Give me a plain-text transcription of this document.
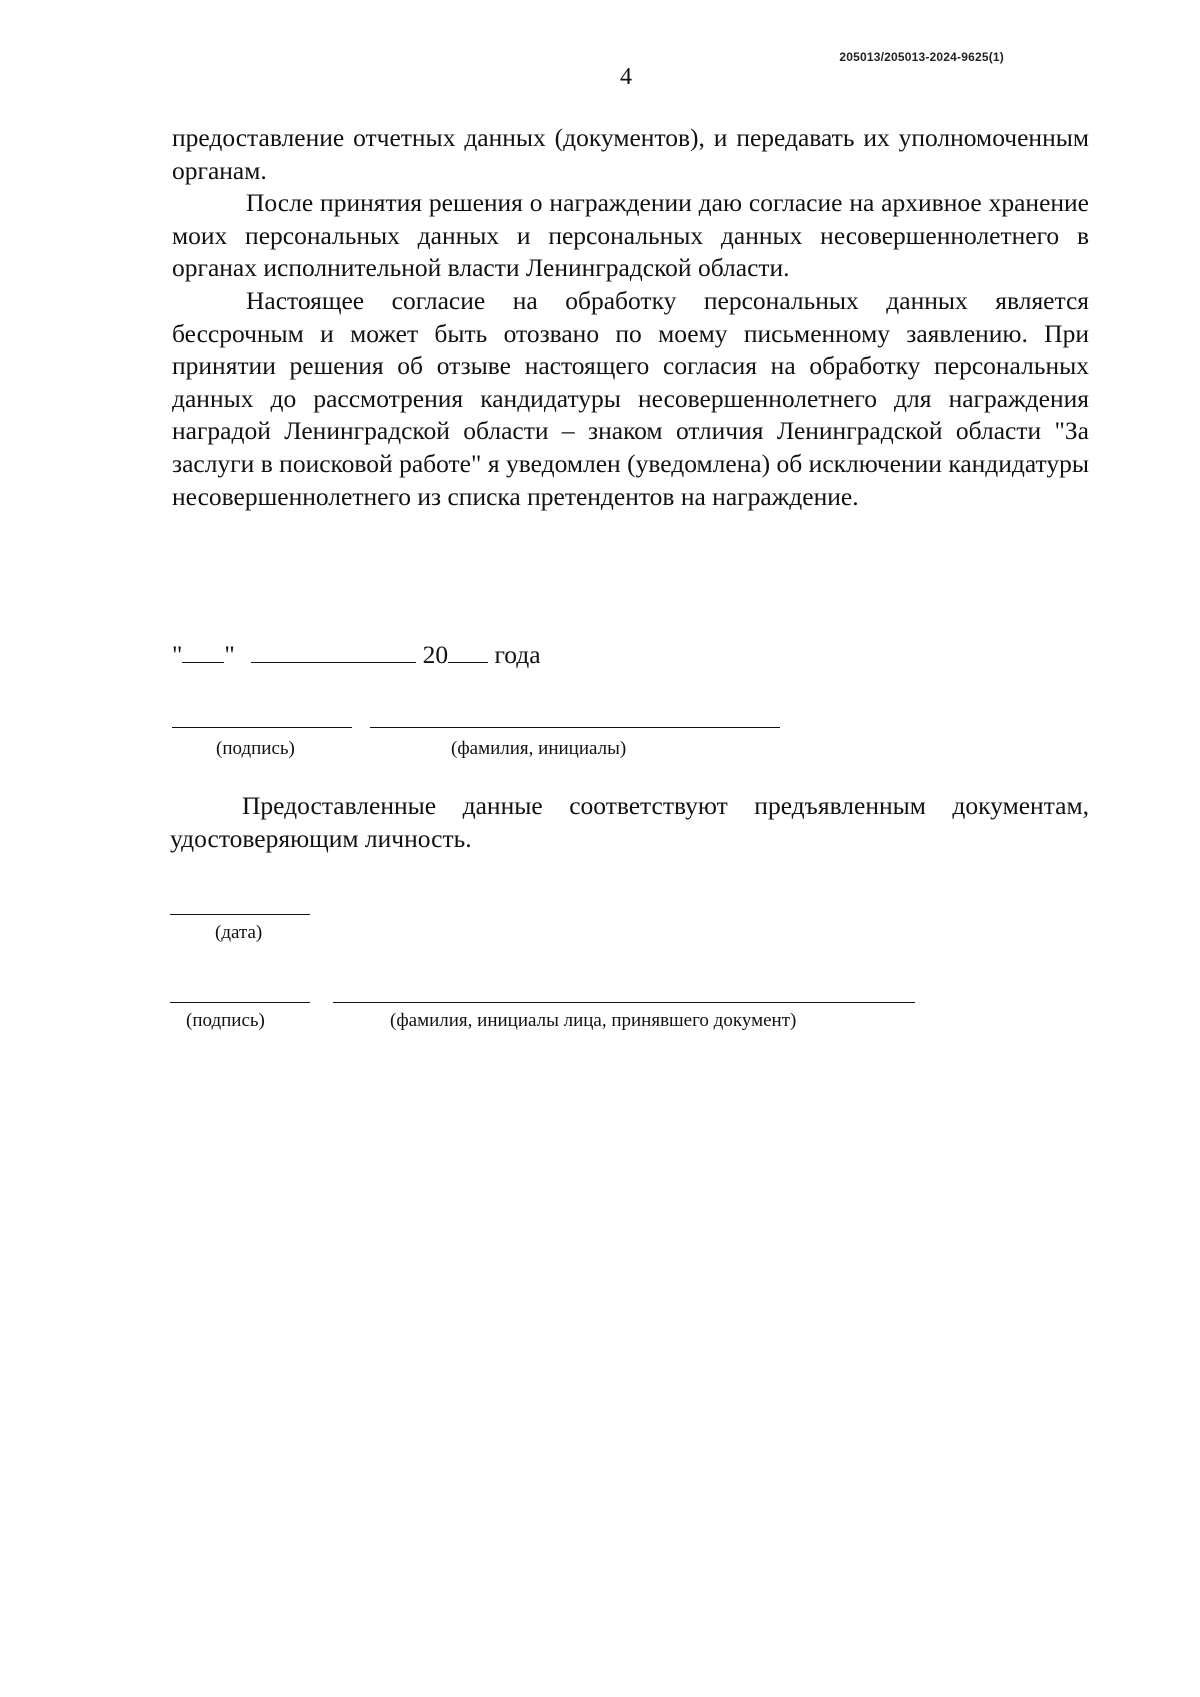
205013/205013-2024-9625(1)
4

предоставление отчетных данных (документов), и передавать их уполномоченным органам.

После принятия решения о награждении даю согласие на архивное хранение моих персональных данных и персональных данных несовершеннолетнего в органах исполнительной власти Ленинградской области.

Настоящее согласие на обработку персональных данных является бессрочным и может быть отозвано по моему письменному заявлению. При принятии решения об отзыве настоящего согласия на обработку персональных данных до рассмотрения кандидатуры несовершеннолетнего для награждения наградой Ленинградской области – знаком отличия Ленинградской области "За заслуги в поисковой работе" я уведомлен (уведомлена) об исключении кандидатуры несовершеннолетнего из списка претендентов на награждение.

" "	20 года
(подпись)	(фамилия, инициалы)

Предоставленные данные соответствуют предъявленным документам, удостоверяющим личность.

(дата)
(подпись)	(фамилия, инициалы лица, принявшего документ)
